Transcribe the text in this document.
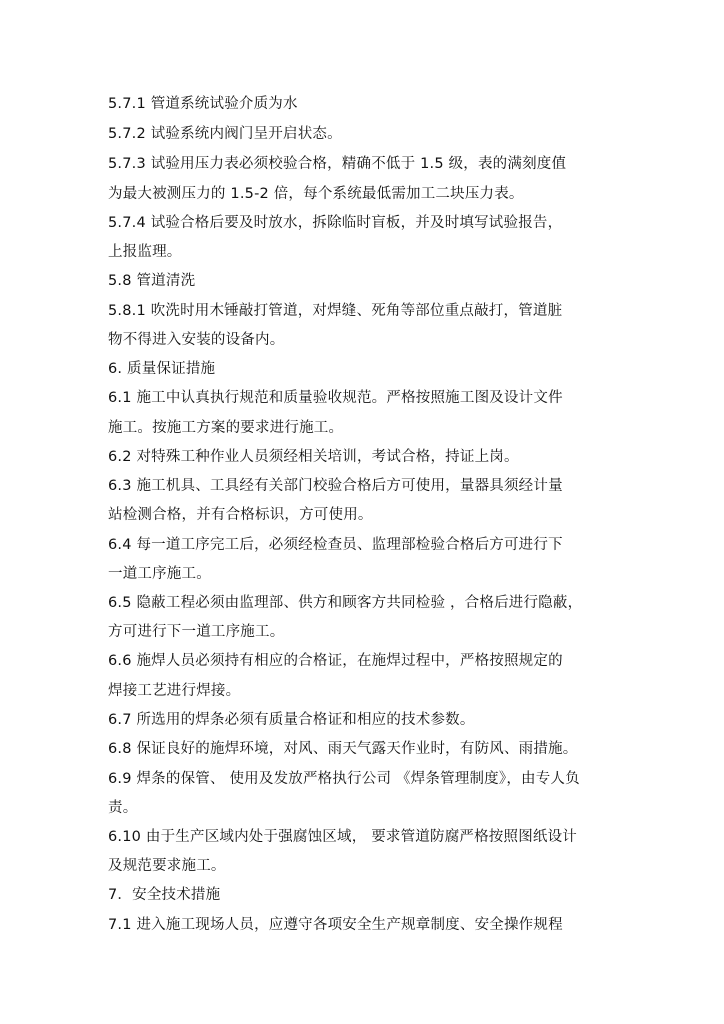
5.7.1 管道系统试验介质为水
5.7.2 试验系统内阀门呈开启状态。
5.7.3 试验用压力表必须校验合格，精确不低于 1.5 级，表的满刻度值
为最大被测压力的 1.5-2 倍，每个系统最低需加工二块压力表。
5.7.4 试验合格后要及时放水，拆除临时盲板，并及时填写试验报告，
上报监理。
5.8 管道清洗
5.8.1 吹洗时用木锤敲打管道，对焊缝、死角等部位重点敲打，管道脏
物不得进入安装的设备内。
6. 质量保证措施
6.1 施工中认真执行规范和质量验收规范。严格按照施工图及设计文件
施工。按施工方案的要求进行施工。
6.2 对特殊工种作业人员须经相关培训，考试合格，持证上岗。
6.3 施工机具、工具经有关部门校验合格后方可使用，量器具须经计量
站检测合格，并有合格标识，方可使用。
6.4 每一道工序完工后，必须经检查员、监理部检验合格后方可进行下
一道工序施工。
6.5 隐蔽工程必须由监理部、供方和顾客方共同检验 ，合格后进行隐蔽，
方可进行下一道工序施工。
6.6 施焊人员必须持有相应的合格证，在施焊过程中，严格按照规定的
焊接工艺进行焊接。
6.7 所选用的焊条必须有质量合格证和相应的技术参数。
6.8 保证良好的施焊环境，对风、雨天气露天作业时，有防风、雨措施。
6.9 焊条的保管、 使用及发放严格执行公司 《焊条管理制度》，由专人负
责。
6.10 由于生产区域内处于强腐蚀区域， 要求管道防腐严格按照图纸设计
及规范要求施工。
7．安全技术措施
7.1 进入施工现场人员，应遵守各项安全生产规章制度、安全操作规程
